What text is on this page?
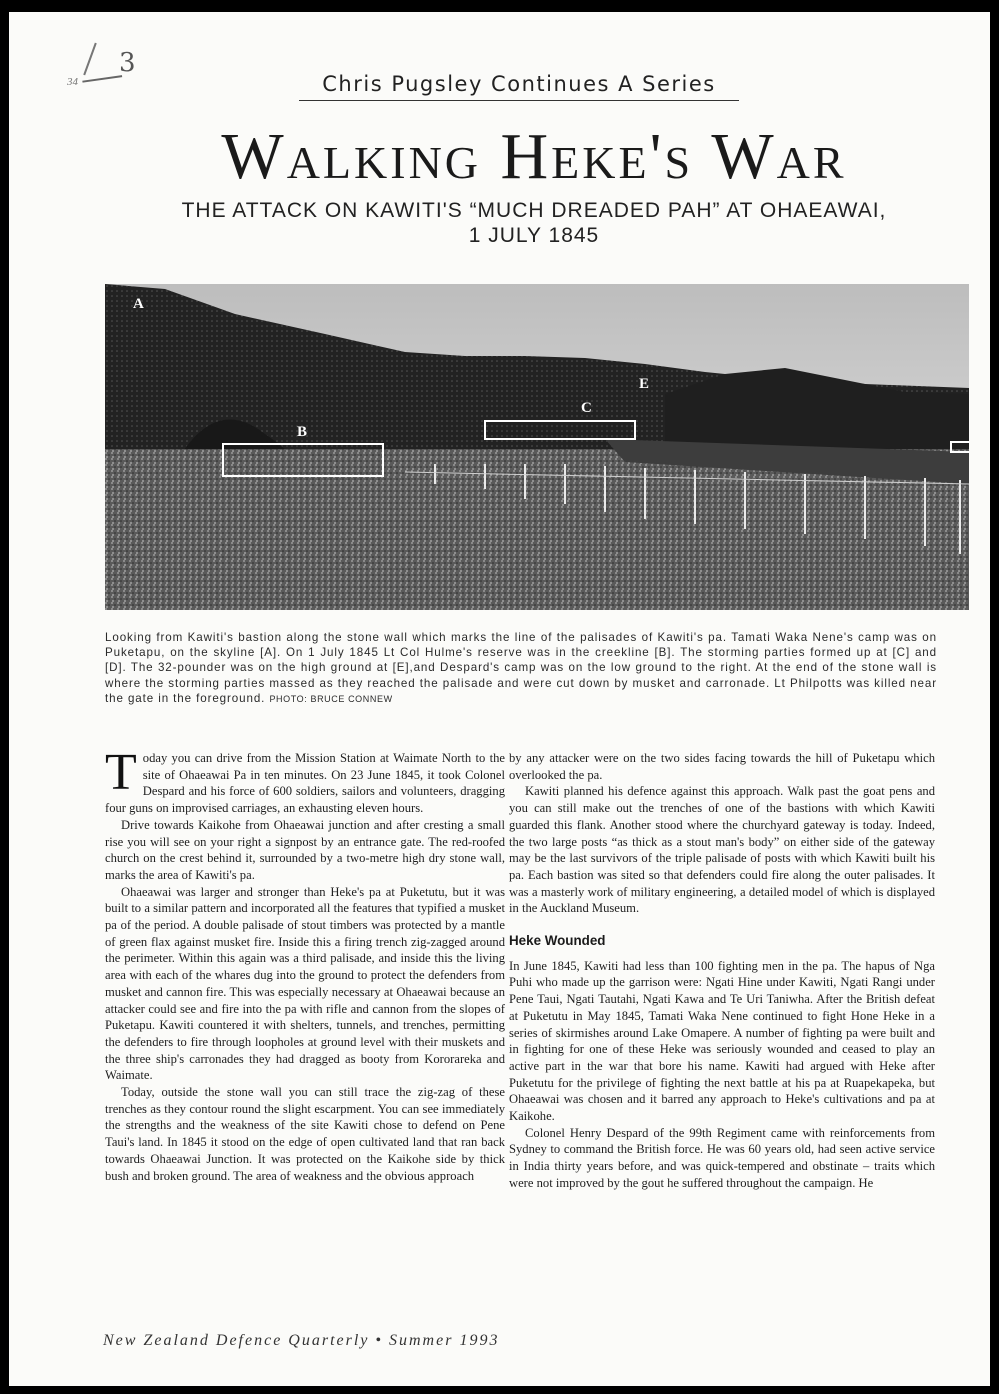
3
34	Chris Pugsley Continues A Series
Walking Heke's War
THE ATTACK ON KAWITI'S “MUCH DREADED PAH” AT OHAEAWAI,
1 JULY 1845
A
B
C
E
Looking from Kawiti's bastion along the stone wall which marks the line of the palisades of Kawiti's pa. Tamati Waka Nene's camp was on Puketapu, on the skyline [A]. On 1 July 1845 Lt Col Hulme's reserve was in the creekline [B]. The storming parties formed up at [C] and [D]. The 32-pounder was on the high ground at [E],and Despard's camp was on the low ground to the right. At the end of the stone wall is where the storming parties massed as they reached the palisade and were cut down by musket and carronade. Lt Philpotts was killed near the gate in the foreground. PHOTO: BRUCE CONNEW

Today you can drive from the Mission Station at Waimate North to the site of Ohaeawai Pa in ten minutes. On 23 June 1845, it took Colonel Despard and his force of 600 soldiers, sailors and volunteers, dragging four guns on improvised carriages, an exhausting eleven hours.

Drive towards Kaikohe from Ohaeawai junction and after cresting a small rise you will see on your right a signpost by an entrance gate. The red-roofed church on the crest behind it, surrounded by a two-metre high dry stone wall, marks the area of Kawiti's pa.

Ohaeawai was larger and stronger than Heke's pa at Puketutu, but it was built to a similar pattern and incorporated all the features that typified a musket pa of the period. A double palisade of stout timbers was protected by a mantle of green flax against musket fire. Inside this a firing trench zig-zagged around the perimeter. Within this again was a third palisade, and inside this the living area with each of the whares dug into the ground to protect the defenders from musket and cannon fire. This was especially necessary at Ohaeawai because an attacker could see and fire into the pa with rifle and cannon from the slopes of Puketapu. Kawiti countered it with shelters, tunnels, and trenches, permitting the defenders to fire through loopholes at ground level with their muskets and the three ship's carronades they had dragged as booty from Kororareka and Waimate.

Today, outside the stone wall you can still trace the zig-zag of these trenches as they contour round the slight escarpment. You can see immediately the strengths and the weakness of the site Kawiti chose to defend on Pene Taui's land. In 1845 it stood on the edge of open cultivated land that ran back towards Ohaeawai Junction. It was protected on the Kaikohe side by thick bush and broken ground. The area of weakness and the obvious approach

by any attacker were on the two sides facing towards the hill of Puketapu which overlooked the pa.

Kawiti planned his defence against this approach. Walk past the goat pens and you can still make out the trenches of one of the bastions with which Kawiti guarded this flank. Another stood where the churchyard gateway is today. Indeed, the two large posts “as thick as a stout man's body” on either side of the gateway may be the last survivors of the triple palisade of posts with which Kawiti built his pa. Each bastion was sited so that defenders could fire along the outer palisades. It was a masterly work of military engineering, a detailed model of which is displayed in the Auckland Museum.

Heke Wounded

In June 1845, Kawiti had less than 100 fighting men in the pa. The hapus of Nga Puhi who made up the garrison were: Ngati Hine under Kawiti, Ngati Rangi under Pene Taui, Ngati Tautahi, Ngati Kawa and Te Uri Taniwha. After the British defeat at Puketutu in May 1845, Tamati Waka Nene continued to fight Hone Heke in a series of skirmishes around Lake Omapere. A number of fighting pa were built and in fighting for one of these Heke was seriously wounded and ceased to play an active part in the war that bore his name. Kawiti had argued with Heke after Puketutu for the privilege of fighting the next battle at his pa at Ruapekapeka, but Ohaeawai was chosen and it barred any approach to Heke's cultivations and pa at Kaikohe.

Colonel Henry Despard of the 99th Regiment came with reinforcements from Sydney to command the British force. He was 60 years old, had seen active service in India thirty years before, and was quick-tempered and obstinate – traits which were not improved by the gout he suffered throughout the campaign. He

New Zealand Defence Quarterly • Summer 1993
